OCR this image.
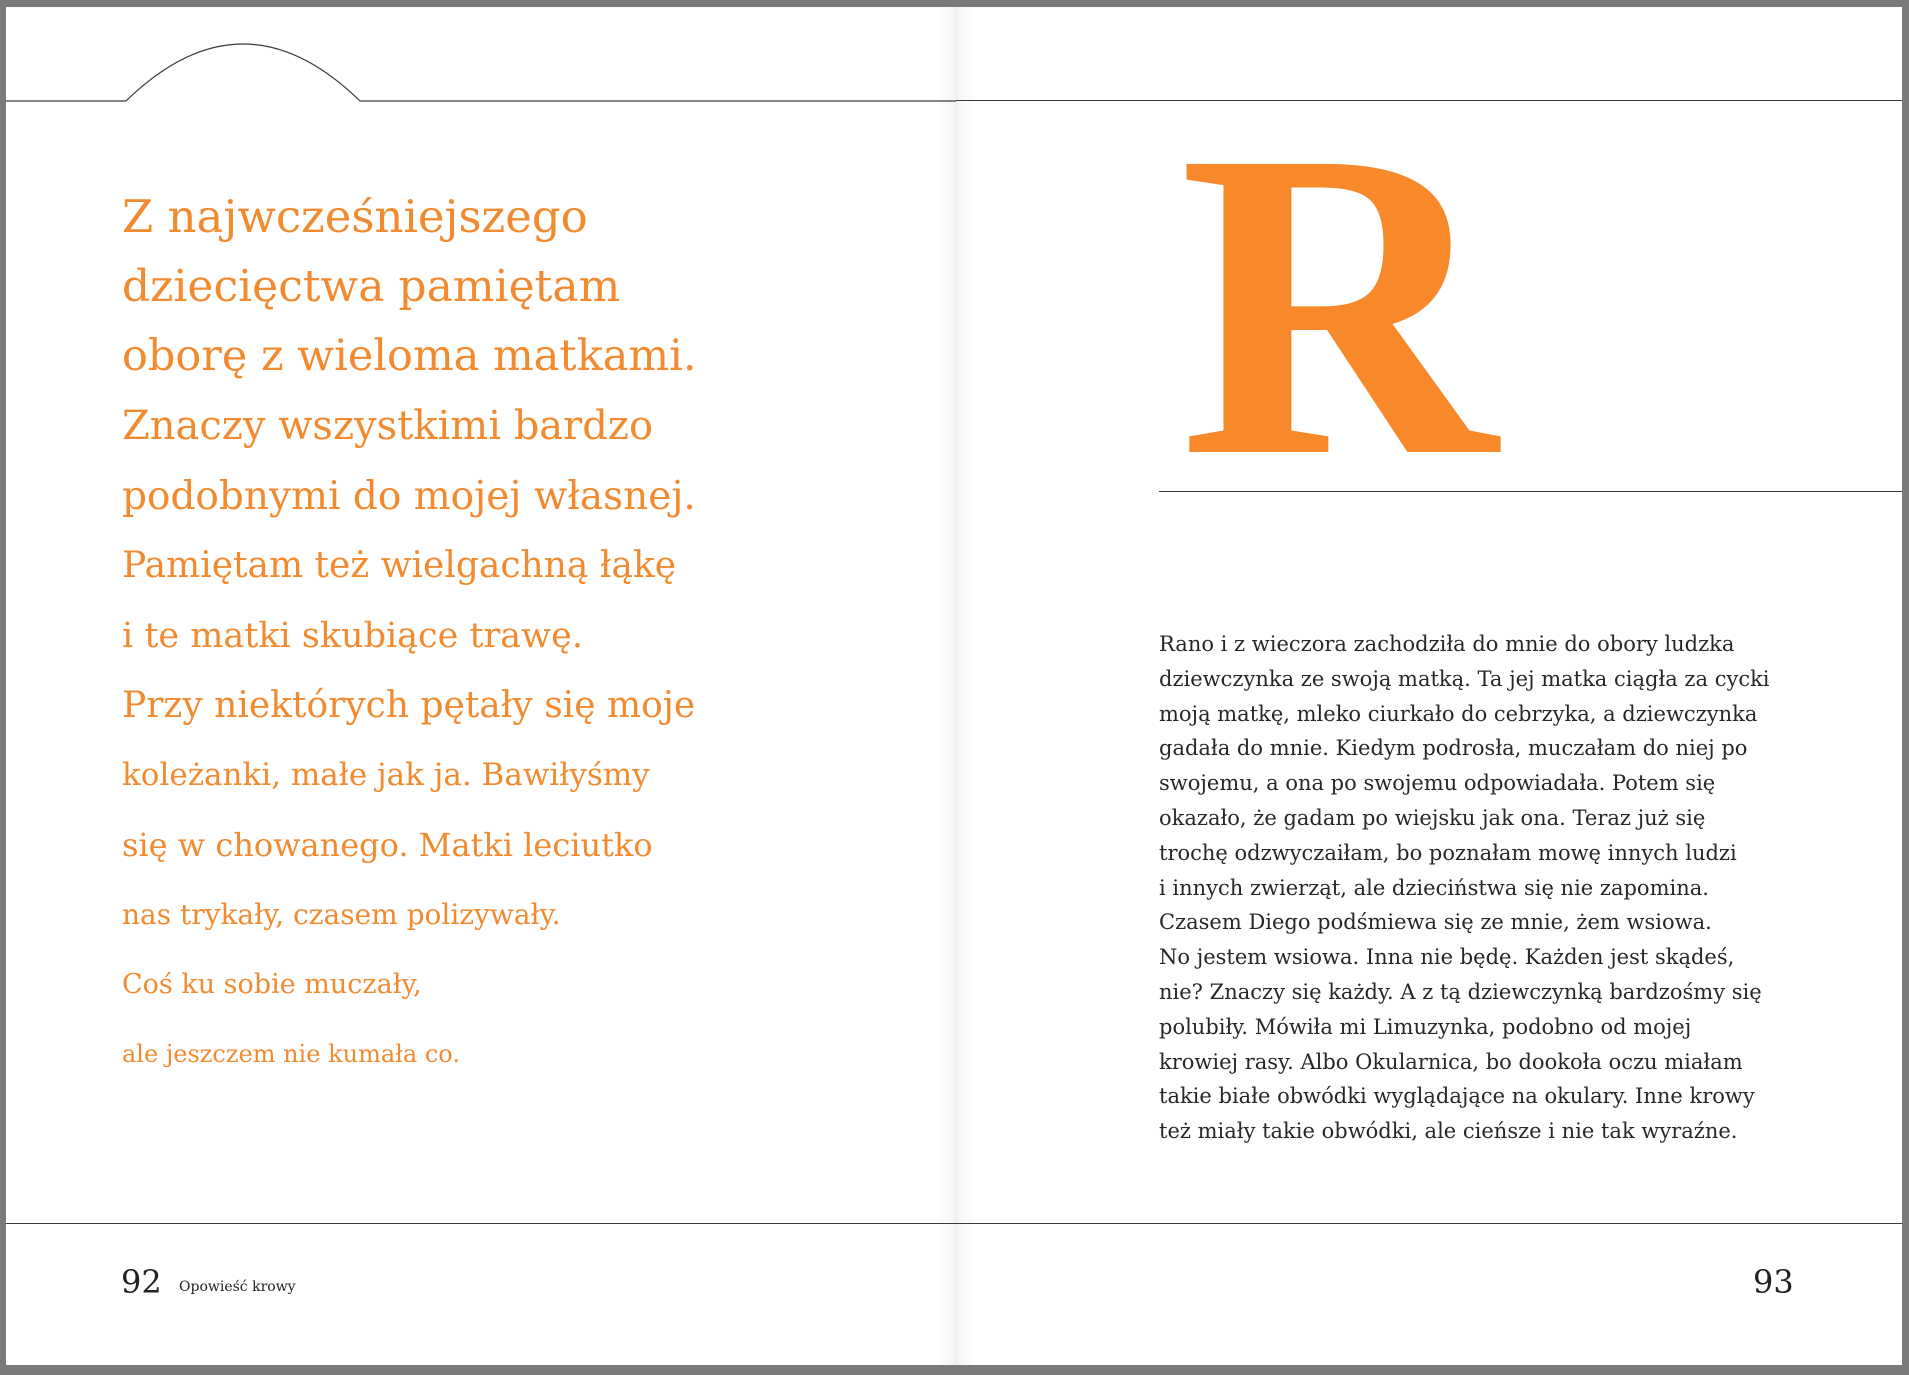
Z najwcześniejszego
dziecięctwa pamiętam
oborę z wieloma matkami.
Znaczy wszystkimi bardzo
podobnymi do mojej własnej.
Pamiętam też wielgachną łąkę
i te matki skubiące trawę.
Przy niektórych pętały się moje
koleżanki, małe jak ja. Bawiłyśmy
się w chowanego. Matki leciutko
nas trykały, czasem polizywały.
Coś ku sobie muczały,
ale jeszczem nie kumała co.
92 Opowieść krowy
R
Rano i z wieczora zachodziła do mnie do obory ludzka
dziewczynka ze swoją matką. Ta jej matka ciągła za cycki
moją matkę, mleko ciurkało do cebrzyka, a dziewczynka
gadała do mnie. Kiedym podrosła, muczałam do niej po
swojemu, a ona po swojemu odpowiadała. Potem się
okazało, że gadam po wiejsku jak ona. Teraz już się
trochę odzwyczaiłam, bo poznałam mowę innych ludzi
i innych zwierząt, ale dzieciństwa się nie zapomina.
Czasem Diego podśmiewa się ze mnie, żem wsiowa.
No jestem wsiowa. Inna nie będę. Każden jest skądeś,
nie? Znaczy się każdy. A z tą dziewczynką bardzośmy się
polubiły. Mówiła mi Limuzynka, podobno od mojej
krowiej rasy. Albo Okularnica, bo dookoła oczu miałam
takie białe obwódki wyglądające na okulary. Inne krowy
też miały takie obwódki, ale cieńsze i nie tak wyraźne.
93
